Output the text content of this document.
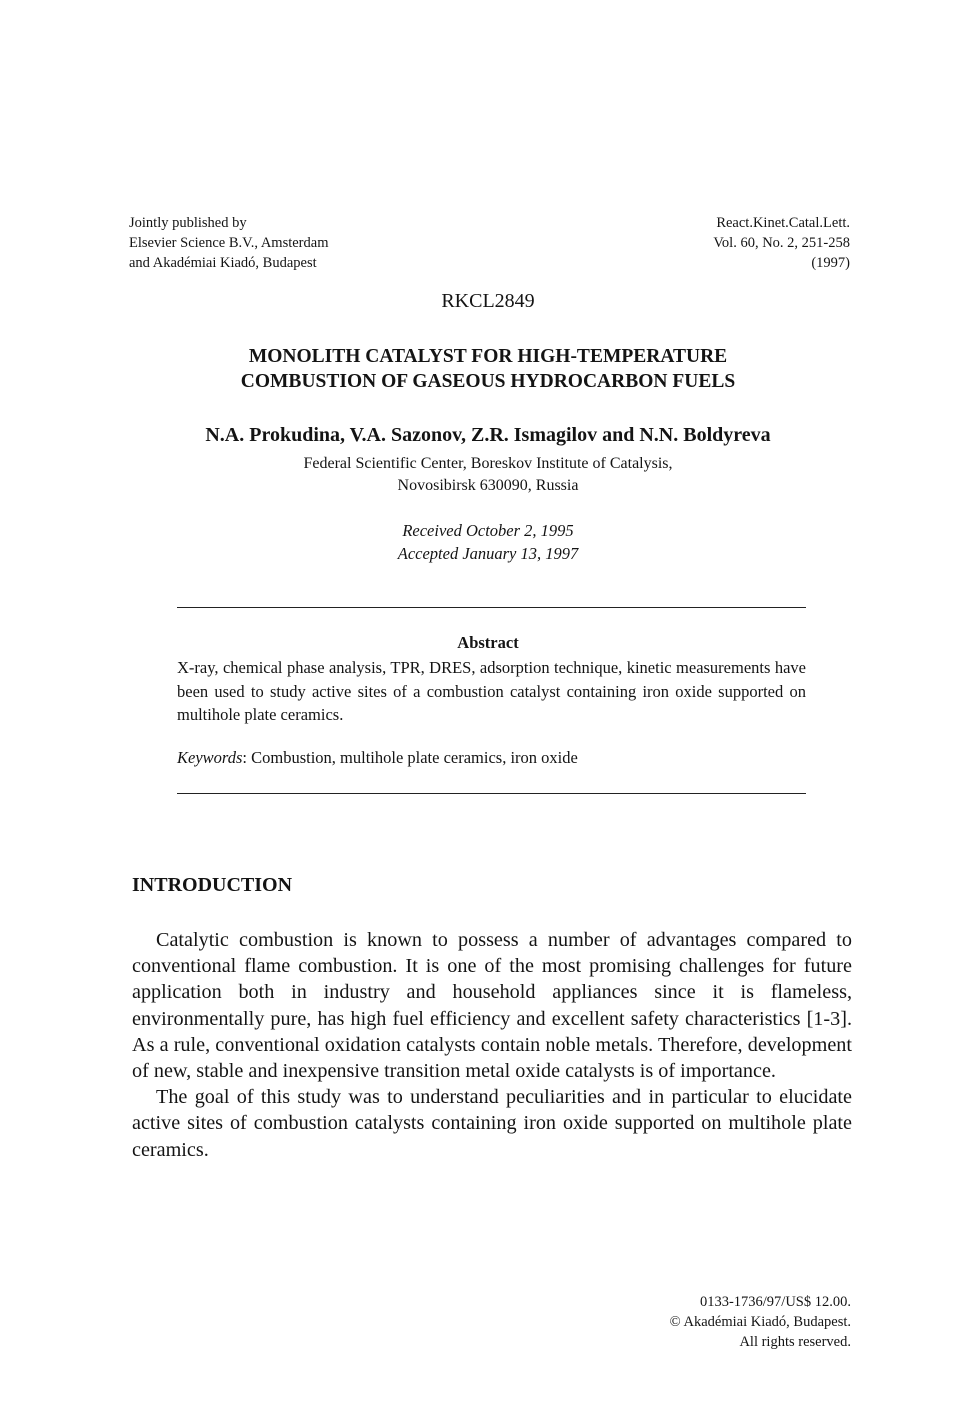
Jointly published by
Elsevier Science B.V., Amsterdam
and Akadémiai Kiadó, Budapest
React.Kinet.Catal.Lett.
Vol. 60, No. 2, 251-258
(1997)
RKCL2849
MONOLITH CATALYST FOR HIGH-TEMPERATURE
COMBUSTION OF GASEOUS HYDROCARBON FUELS
N.A. Prokudina, V.A. Sazonov, Z.R. Ismagilov and N.N. Boldyreva
Federal Scientific Center, Boreskov Institute of Catalysis,
Novosibirsk 630090, Russia
Received October 2, 1995
Accepted January 13, 1997
Abstract
X-ray, chemical phase analysis, TPR, DRES, adsorption technique, kinetic measurements have been used to study active sites of a combustion catalyst containing iron oxide supported on multihole plate ceramics.
Keywords: Combustion, multihole plate ceramics, iron oxide
INTRODUCTION

Catalytic combustion is known to possess a number of advantages compared to conventional flame combustion. It is one of the most promising challenges for future application both in industry and household appliances since it is flameless, environmentally pure, has high fuel efficiency and excellent safety characteristics [1-3]. As a rule, conventional oxidation catalysts contain noble metals. Therefore, development of new, stable and inexpensive transition metal oxide catalysts is of importance.

The goal of this study was to understand peculiarities and in particular to elucidate active sites of combustion catalysts containing iron oxide supported on multihole plate ceramics.

0133-1736/97/US$ 12.00.
© Akadémiai Kiadó, Budapest.
All rights reserved.
